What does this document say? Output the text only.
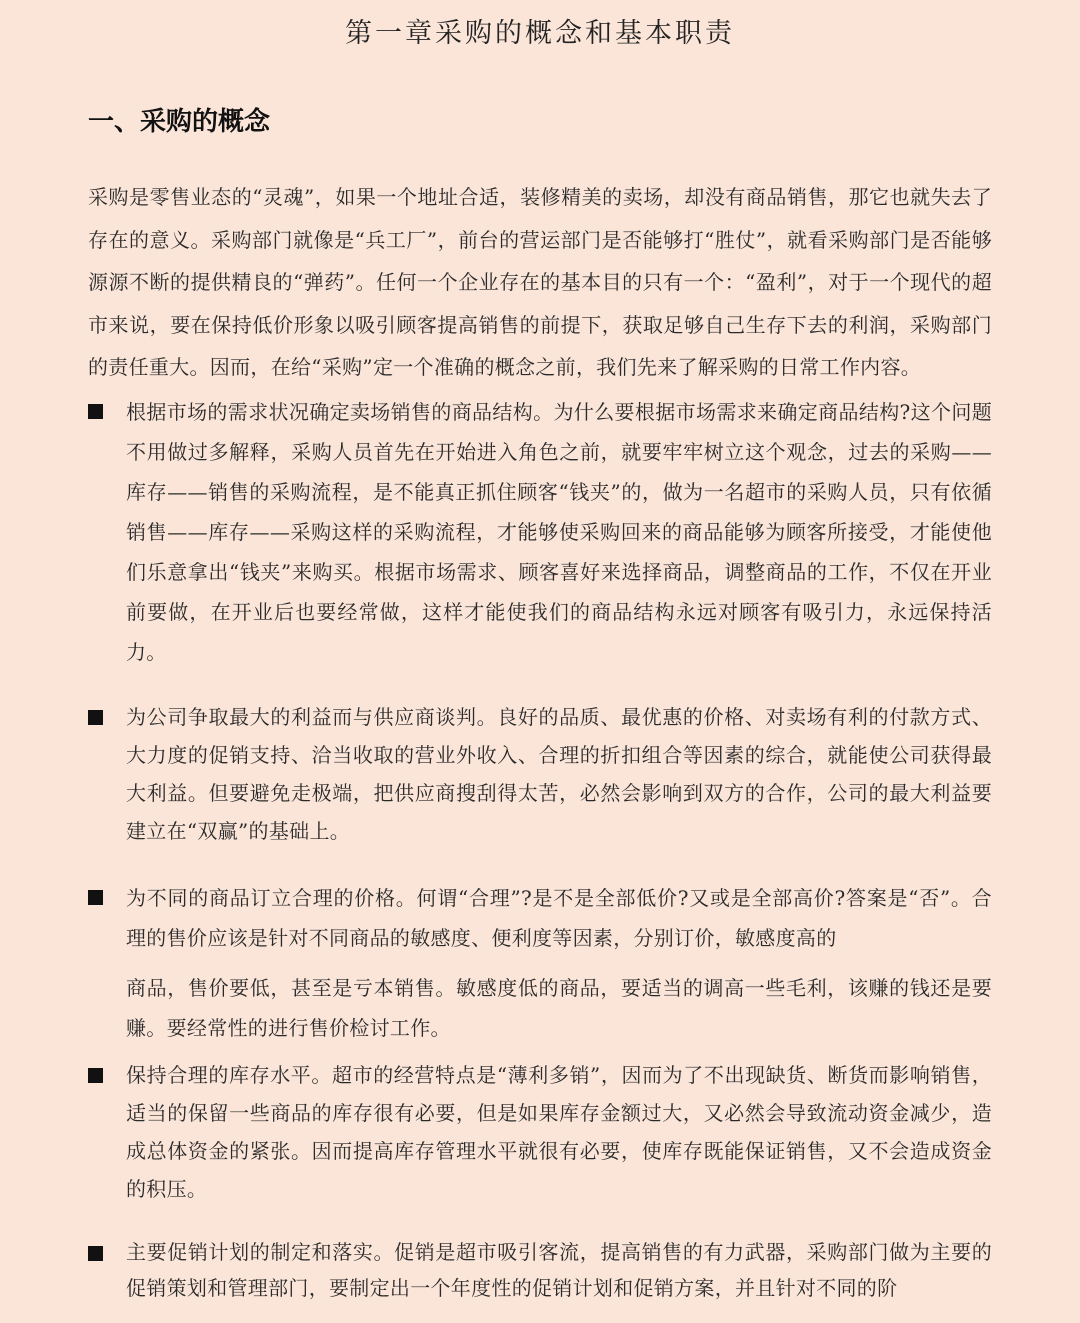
第一章采购的概念和基本职责
一、采购的概念

采购是零售业态的“灵魂”，如果一个地址合适，装修精美的卖场，却没有商品销售，那它也就失去了存在的意义。采购部门就像是“兵工厂”，前台的营运部门是否能够打“胜仗”，就看采购部门是否能够源源不断的提供精良的“弹药”。任何一个企业存在的基本目的只有一个：“盈利”，对于一个现代的超市来说，要在保持低价形象以吸引顾客提高销售的前提下，获取足够自己生存下去的利润，采购部门的责任重大。因而，在给“采购”定一个准确的概念之前，我们先来了解采购的日常工作内容。

根据市场的需求状况确定卖场销售的商品结构。为什么要根据市场需求来确定商品结构?这个问题不用做过多解释，采购人员首先在开始进入角色之前，就要牢牢树立这个观念，过去的采购——库存——销售的采购流程，是不能真正抓住顾客“钱夹”的，做为一名超市的采购人员，只有依循销售——库存——采购这样的采购流程，才能够使采购回来的商品能够为顾客所接受，才能使他们乐意拿出“钱夹”来购买。根据市场需求、顾客喜好来选择商品，调整商品的工作，不仅在开业前要做，在开业后也要经常做，这样才能使我们的商品结构永远对顾客有吸引力，永远保持活力。
为公司争取最大的利益而与供应商谈判。良好的品质、最优惠的价格、对卖场有利的付款方式、大力度的促销支持、洽当收取的营业外收入、合理的折扣组合等因素的综合，就能使公司获得最大利益。但要避免走极端，把供应商搜刮得太苦，必然会影响到双方的合作，公司的最大利益要建立在“双赢”的基础上。
为不同的商品订立合理的价格。何谓“合理”?是不是全部低价?又或是全部高价?答案是“否”。合理的售价应该是针对不同商品的敏感度、便利度等因素，分别订价，敏感度高的
商品，售价要低，甚至是亏本销售。敏感度低的商品，要适当的调高一些毛利，该赚的钱还是要赚。要经常性的进行售价检讨工作。
保持合理的库存水平。超市的经营特点是“薄利多销”，因而为了不出现缺货、断货而影响销售，适当的保留一些商品的库存很有必要，但是如果库存金额过大，又必然会导致流动资金减少，造成总体资金的紧张。因而提高库存管理水平就很有必要，使库存既能保证销售，又不会造成资金的积压。
主要促销计划的制定和落实。促销是超市吸引客流，提高销售的有力武器，采购部门做为主要的促销策划和管理部门，要制定出一个年度性的促销计划和促销方案，并且针对不同的阶
